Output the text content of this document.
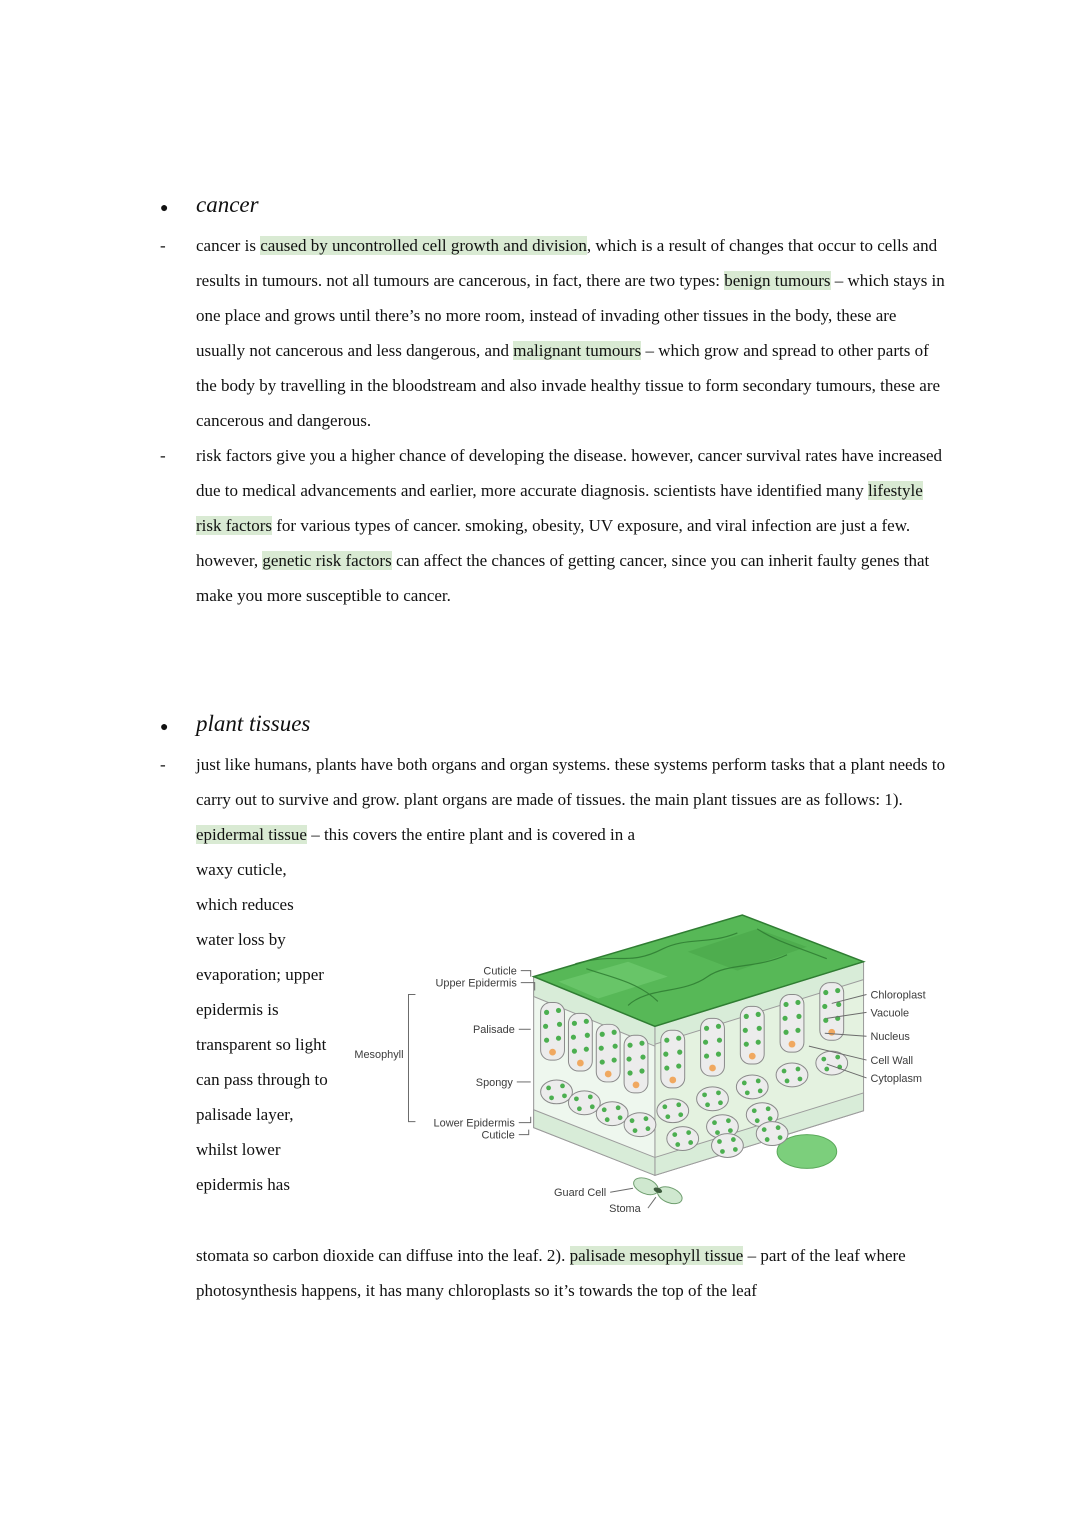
●	cancer
-	cancer is caused by uncontrolled cell growth and division, which is a result of changes that occur to cells and results in tumours. not all tumours are cancerous, in fact, there are two types: benign tumours – which stays in one place and grows until there’s no more room, instead of invading other tissues in the body, these are usually not cancerous and less dangerous, and malignant tumours – which grow and spread to other parts of the body by travelling in the bloodstream and also invade healthy tissue to form secondary tumours, these are cancerous and dangerous.

-	risk factors give you a higher chance of developing the disease. however, cancer survival rates have increased due to medical advancements and earlier, more accurate diagnosis. scientists have identified many lifestyle risk factors for various types of cancer. smoking, obesity, UV exposure, and viral infection are just a few. however, genetic risk factors can affect the chances of getting cancer, since you can inherit faulty genes that make you more susceptible to cancer.

●	plant tissues
-	just like humans, plants have both organs and organ systems. these systems perform tasks that a plant needs to carry out to survive and grow. plant organs are made of tissues. the main plant tissues are as follows: 1). epidermal tissue – this covers the entire plant and is covered in a

waxy cuticle, which reduces water loss by evaporation; upper epidermis is transparent so light can pass through to palisade layer, whilst lower epidermis has

Cuticle
Upper Epidermis
Palisade
Mesophyll
Spongy
Lower Epidermis
Cuticle
Chloroplast
Vacuole
Nucleus
Cell Wall
Cytoplasm
Guard Cell
Stoma

stomata so carbon dioxide can diffuse into the leaf. 2). palisade mesophyll tissue – part of the leaf where photosynthesis happens, it has many chloroplasts so it’s towards the top of the leaf
